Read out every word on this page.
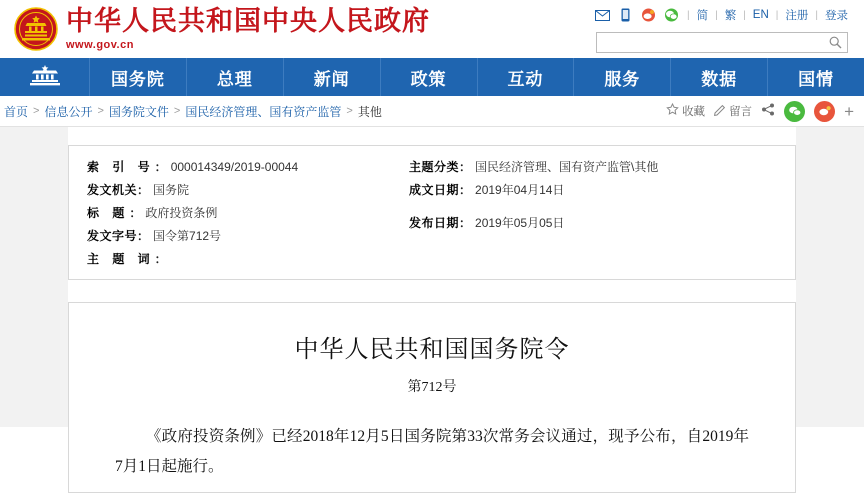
中华人民共和国中央人民政府
www.gov.cn
| 简 | 繁 | EN | 注册 | 登录
国务院	总理	新闻	政策	互动	服务	数据	国情
首页 > 信息公开 > 国务院文件 > 国民经济管理、国有资产监管 > 其他	收藏 留言	+
索 引 号 ： 000014349/2019-00044
发文机关 ： 国务院
标 题 ： 政府投资条例
发文字号 ： 国令第712号
主 题 词 ：
主题分类 ： 国民经济管理、国有资产监管\其他
成文日期 ： 2019年04月14日
发布日期 ： 2019年05月05日
中华人民共和国国务院令
第712号
《政府投资条例》已经2018年12月5日国务院第33次常务会议通过，现予公布，自2019年7月1日起施行。
